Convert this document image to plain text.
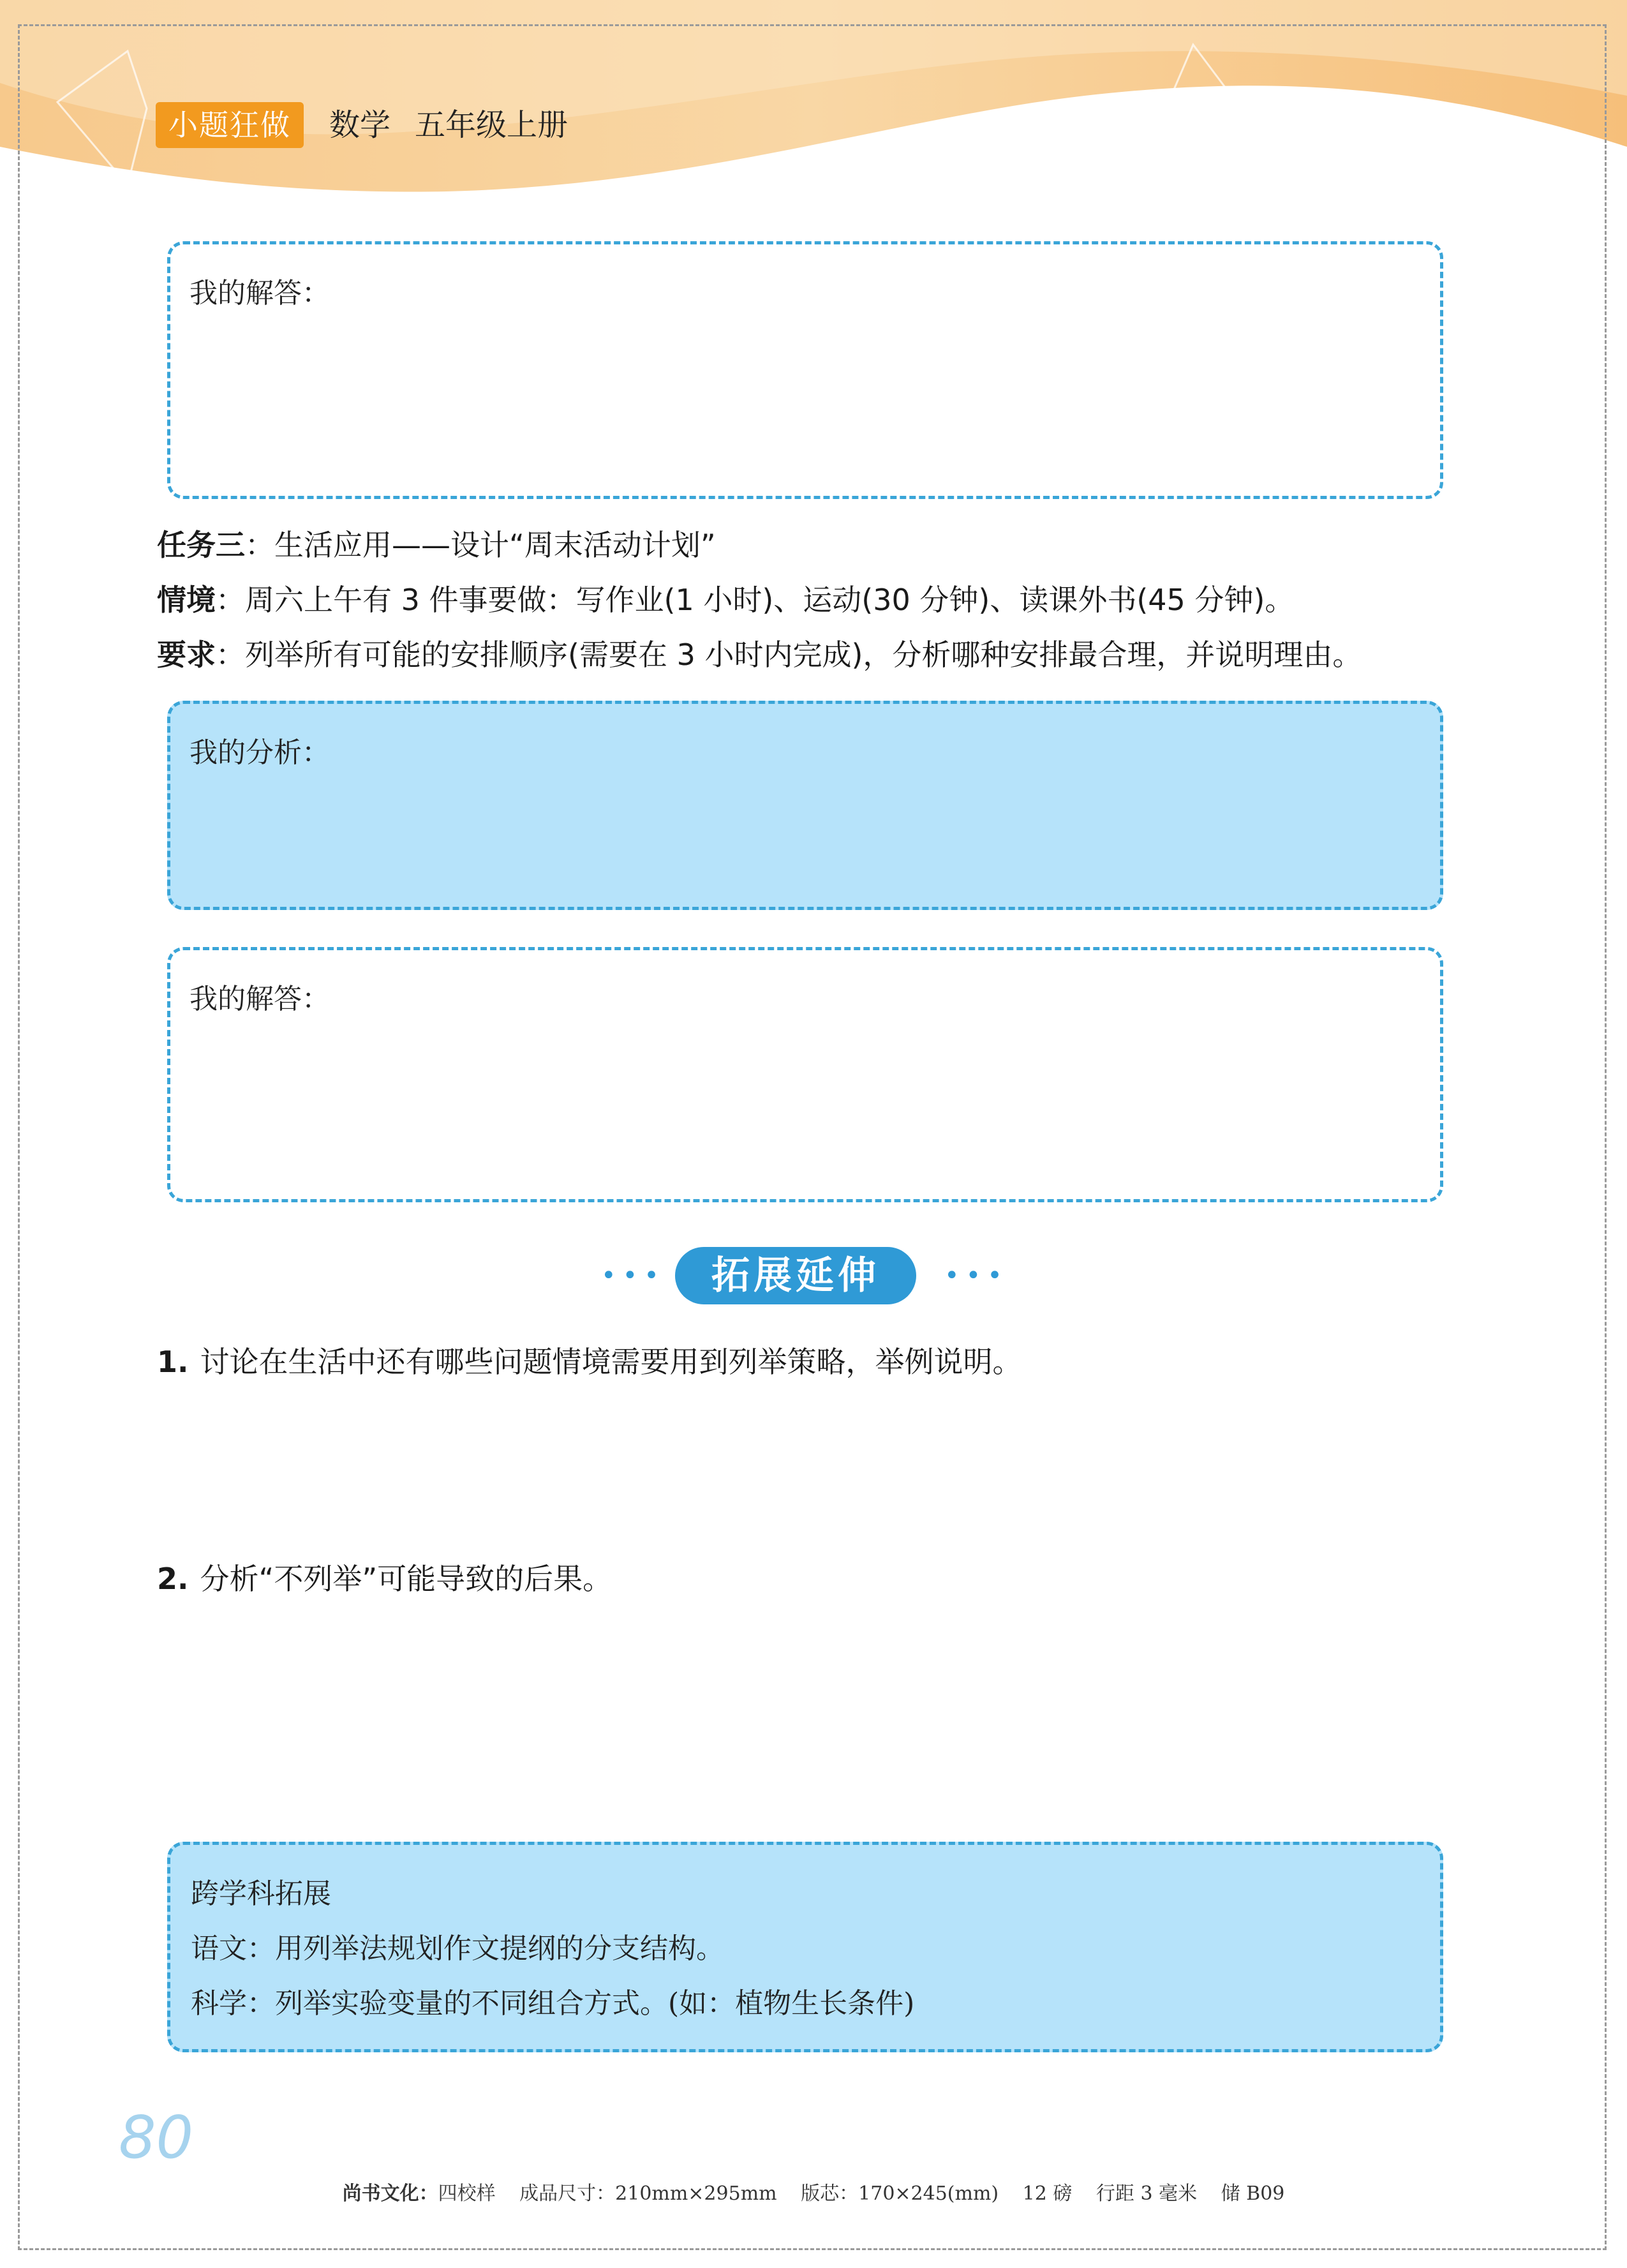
小题狂做	数学 五年级上册
我的解答：
任务三：生活应用——设计“周末活动计划”
情境：周六上午有 3 件事要做：写作业(1 小时)、运动(30 分钟)、读课外书(45 分钟)。
要求：列举所有可能的安排顺序(需要在 3 小时内完成)，分析哪种安排最合理，并说明理由。
我的分析：
我的解答：
•••	拓展延伸	•••
1. 讨论在生活中还有哪些问题情境需要用到列举策略，举例说明。
2. 分析“不列举”可能导致的后果。
跨学科拓展
语文：用列举法规划作文提纲的分支结构。
科学：列举实验变量的不同组合方式。(如：植物生长条件)
80
尚书文化：四校样 成品尺寸：210mm×295mm 版芯：170×245(mm) 12 磅 行距 3 毫米 储 B09
